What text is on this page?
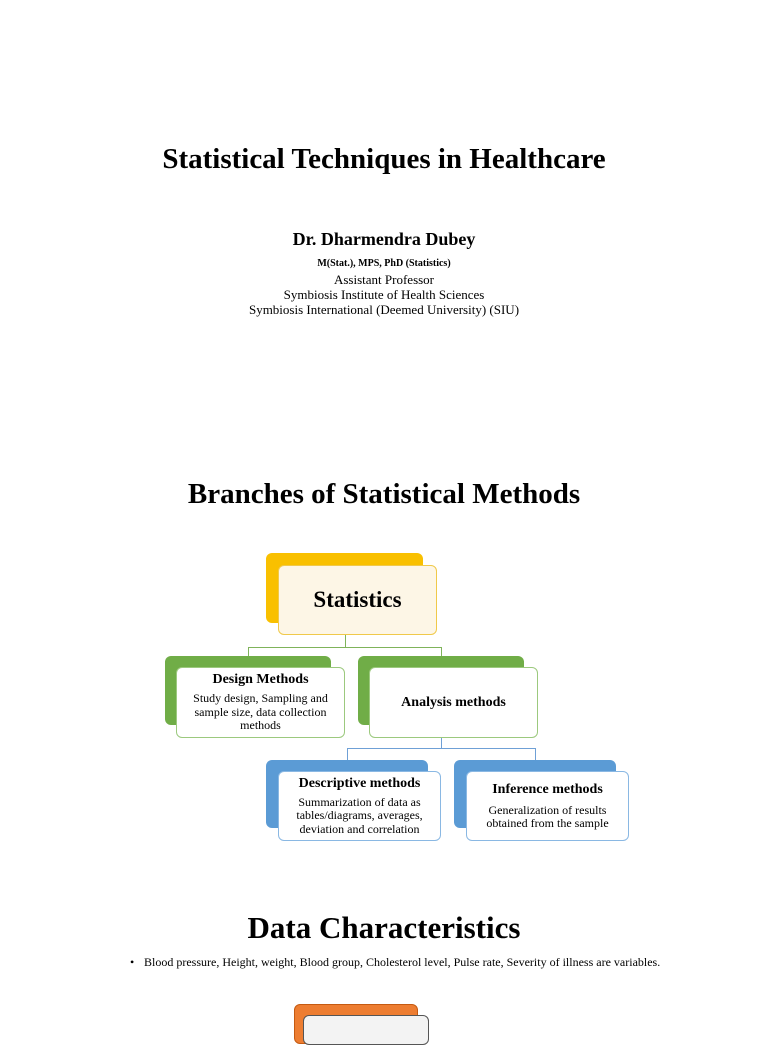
Statistical Techniques in Healthcare
Dr. Dharmendra Dubey
M(Stat.), MPS, PhD (Statistics)
Assistant Professor
Symbiosis Institute of Health Sciences
Symbiosis International (Deemed University) (SIU)
Branches of Statistical Methods
Statistics
Design Methods
Study design, Sampling and sample size, data collection methods
Analysis methods
Descriptive methods
Summarization of data as tables/diagrams, averages, deviation and correlation
Inference methods
Generalization of results obtained from the sample
Data Characteristics
• Blood pressure, Height, weight, Blood group, Cholesterol level, Pulse rate, Severity of illness are variables.
